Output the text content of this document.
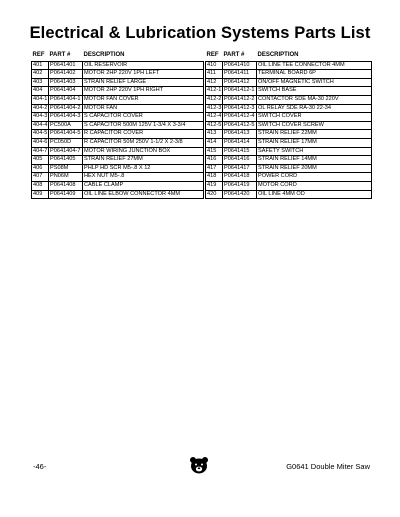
Electrical & Lubrication Systems Parts List
REF	PART #	DESCRIPTION
401	P0641401	OIL RESERVOIR
402	P0641402	MOTOR 2HP 220V 1PH LEFT
403	P0641403	STRAIN RELIEF LARGE
404	P0641404	MOTOR 2HP 220V 1PH RIGHT
404-1	P0641404-1	MOTOR FAN COVER
404-2	P0641404-2	MOTOR FAN
404-3	P0641404-3	S CAPACITOR COVER
404-4	PC500A	S CAPACITOR 500M 125V 1-3/4 X 3-3/4
404-5	P0641404-5	R CAPACITOR COVER
404-6	PC050D	R CAPACITOR 50M 250V 1-1/2 X 2-3/8
404-7	P0641404-7	MOTOR WIRING JUNCTION BOX
405	P0641405	STRAIN RELIEF 27MM
406	PS08M	PHLP HD SCR M5-.8 X 12
407	PN06M	HEX NUT M5-.8
408	P0641408	CABLE CLAMP
409	P0641409	OIL LINE ELBOW CONNECTOR 4MM
REF	PART #	DESCRIPTION
410	P0641410	OIL LINE TEE CONNECTOR 4MM
411	P0641411	TERMINAL BOARD 6P
412	P0641412	ON/OFF MAGNETIC SWITCH
412-1	P0641412-1	SWITCH BASE
412-2	P0641412-2	CONTACTOR SDE MA-30 220V
412-3	P0641412-3	OL RELAY SDE RA-30 22-34
412-4	P0641412-4	SWITCH COVER
412-5	P0641412-5	SWITCH COVER SCREW
413	P0641413	STRAIN RELIEF 22MM
414	P0641414	STRAIN RELIEF 17MM
415	P0641415	SAFETY SWITCH
416	P0641416	STRAIN RELIEF 14MM
417	P0641417	STRAIN RELIEF 20MM
418	P0641418	POWER CORD
419	P0641419	MOTOR CORD
420	P0641420	OIL LINE 4MM OD
-46-	G0641 Double Miter Saw
